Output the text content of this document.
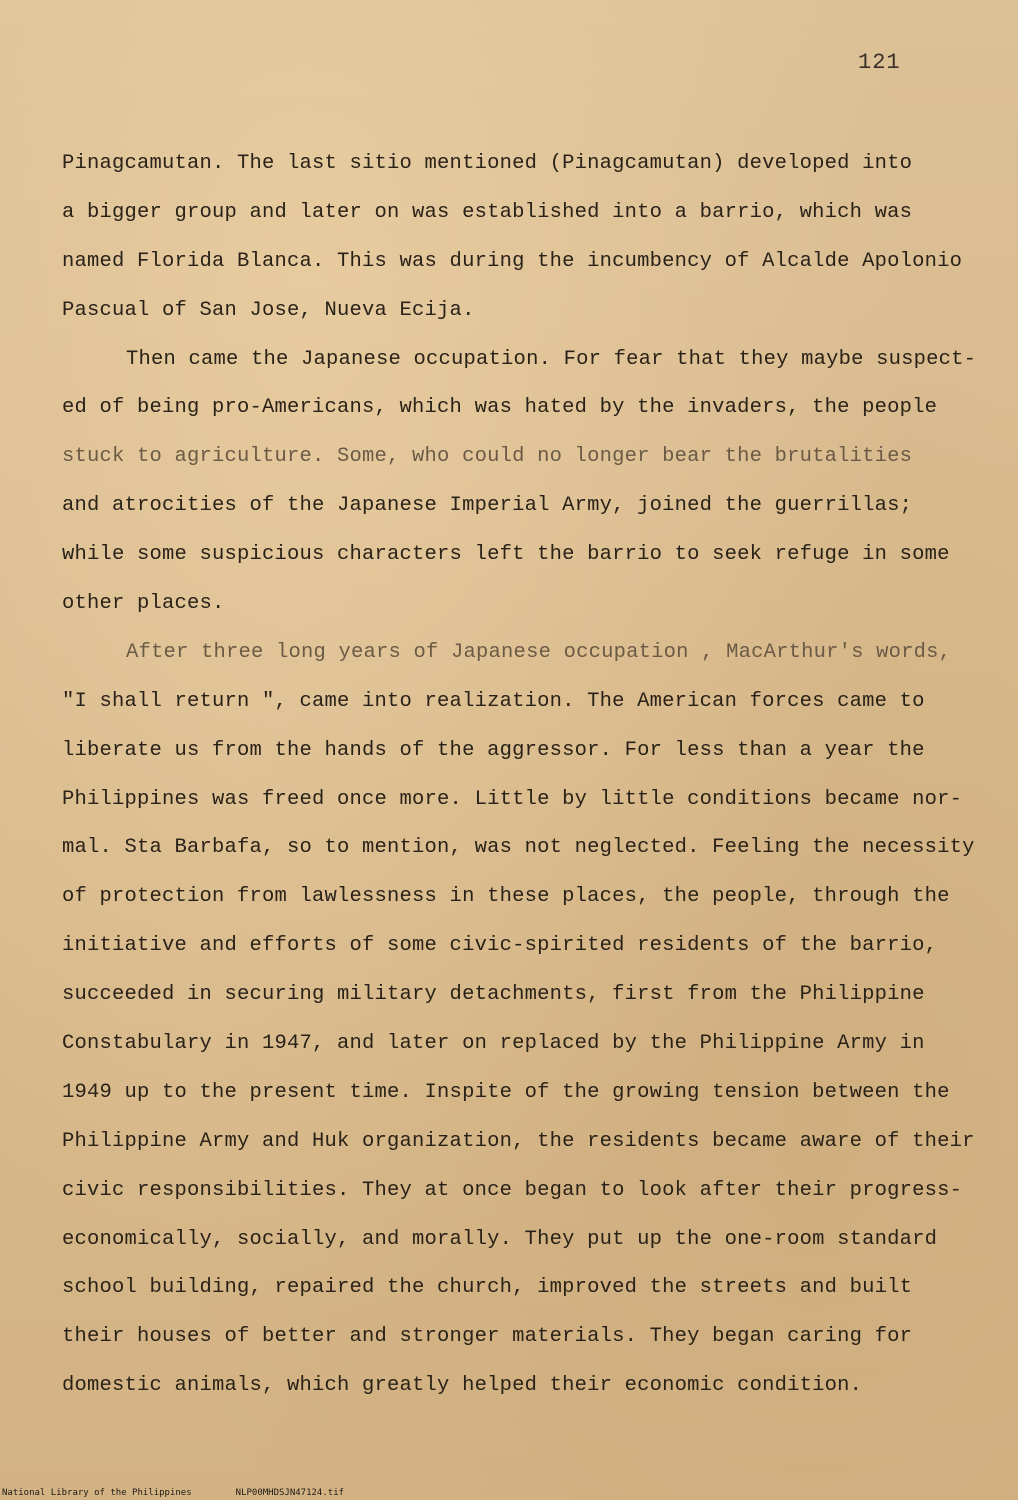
121
Pinagcamutan. The last sitio mentioned (Pinagcamutan) developed into
a bigger group and later on was established into a barrio, which was
named Florida Blanca. This was during the incumbency of Alcalde Apolonio
Pascual of San Jose, Nueva Ecija.
Then came the Japanese occupation. For fear that they maybe suspect-
ed of being pro-Americans, which was hated by the invaders, the people
stuck to agriculture. Some, who could no longer bear the brutalities
and atrocities of the Japanese Imperial Army, joined the guerrillas;
while some suspicious characters left the barrio to seek refuge in some
other places.
After three long years of Japanese occupation , MacArthur's words,
"I shall return ", came into realization. The American forces came to
liberate us from the hands of the aggressor. For less than a year the
Philippines was freed once more. Little by little conditions became nor-
mal. Sta Barbafa, so to mention, was not neglected. Feeling the necessity
of protection from lawlessness in these places, the people, through the
initiative and efforts of some civic-spirited residents of the barrio,
succeeded in securing military detachments, first from the Philippine
Constabulary in 1947, and later on replaced by the Philippine Army in
1949 up to the present time. Inspite of the growing tension between the
Philippine Army and Huk organization, the residents became aware of their
civic responsibilities. They at once began to look after their progress-
economically, socially, and morally. They put up the one-room standard
school building, repaired the church, improved the streets and built
their houses of better and stronger materials. They began caring for
domestic animals, which greatly helped their economic condition.
National Library of the Philippines	NLP00MHDSJN47124.tif
